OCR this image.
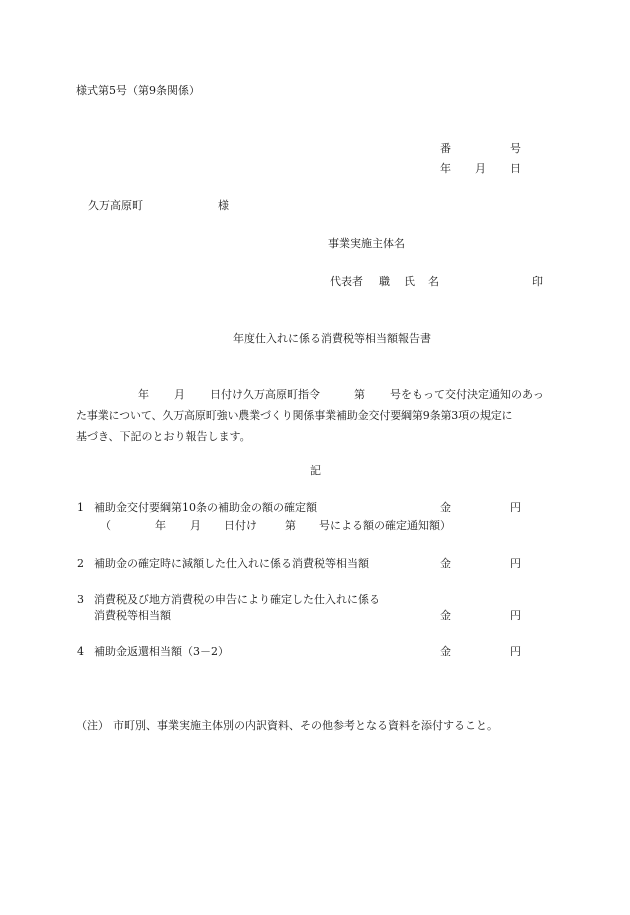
様式第5号（第9条関係）
番	号
年 月 日
久万高原町	様
事業実施主体名
代表者 職 氏 名	印
年度仕入れに係る消費税等相当額報告書
年 月 日付け久万高原町指令	第 号をもって交付決定通知のあっ
た事業について、久万高原町強い農業づくり関係事業補助金交付要綱第9条第3項の規定に
基づき、下記のとおり報告します。
記
1 補助金交付要綱第10条の補助金の額の確定額	金	円
（	年 月 日付け	第 号による額の確定通知額）
2 補助金の確定時に減額した仕入れに係る消費税等相当額	金	円
3 消費税及び地方消費税の申告により確定した仕入れに係る
消費税等相当額	金	円
4 補助金返還相当額（3－2）	金	円
（注） 市町別、事業実施主体別の内訳資料、その他参考となる資料を添付すること。
